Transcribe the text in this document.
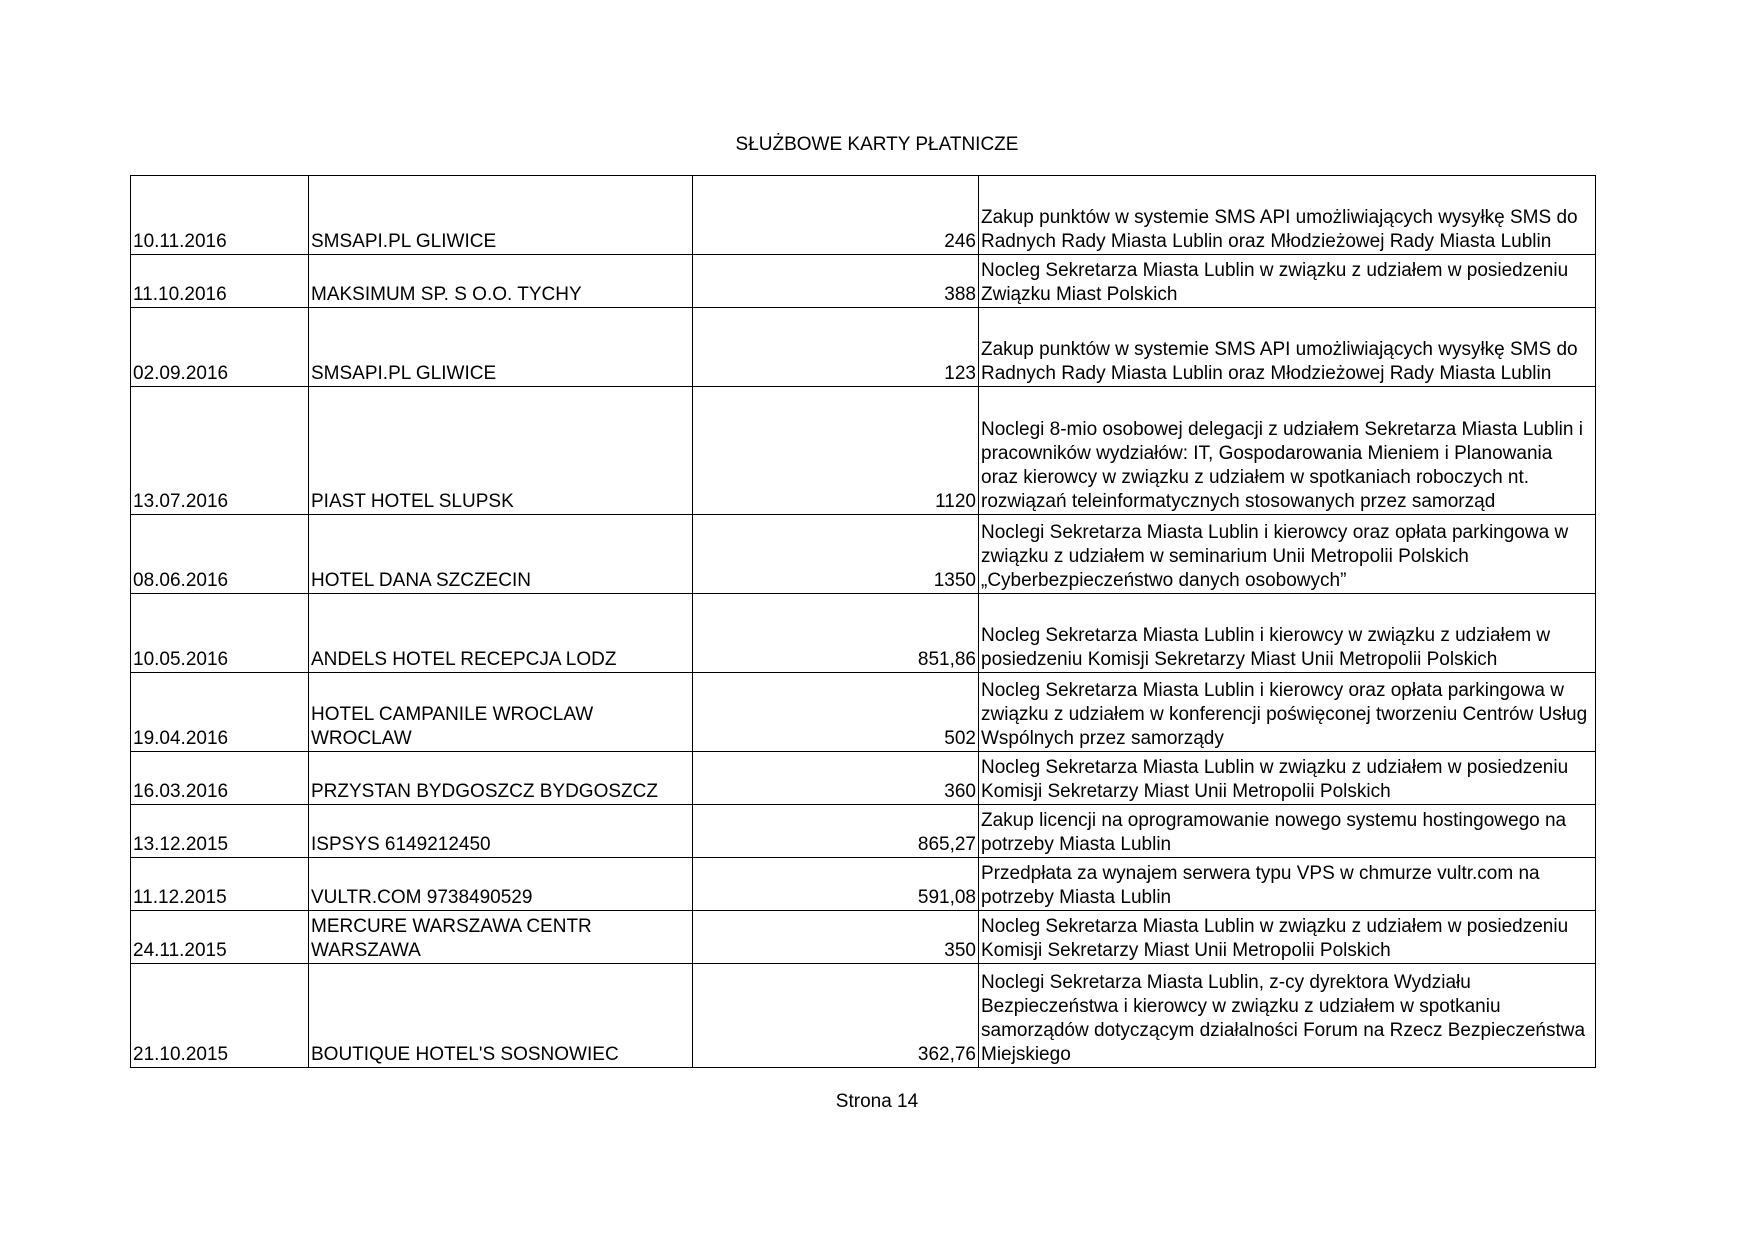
SŁUŻBOWE KARTY PŁATNICZE
10.11.2016	SMSAPI.PL GLIWICE	246	Zakup punktów w systemie SMS API umożliwiających wysyłkę SMS do Radnych Rady Miasta Lublin oraz Młodzieżowej Rady Miasta Lublin
11.10.2016	MAKSIMUM SP. S O.O. TYCHY	388	Nocleg Sekretarza Miasta Lublin w związku z udziałem w posiedzeniu Związku Miast Polskich
02.09.2016	SMSAPI.PL GLIWICE	123	Zakup punktów w systemie SMS API umożliwiających wysyłkę SMS do Radnych Rady Miasta Lublin oraz Młodzieżowej Rady Miasta Lublin
13.07.2016	PIAST HOTEL SLUPSK	1120	Noclegi 8-mio osobowej delegacji z udziałem Sekretarza Miasta Lublin i pracowników wydziałów: IT, Gospodarowania Mieniem i Planowania oraz kierowcy w związku z udziałem w spotkaniach roboczych nt. rozwiązań teleinformatycznych stosowanych przez samorząd
08.06.2016	HOTEL DANA SZCZECIN	1350	Noclegi Sekretarza Miasta Lublin i kierowcy oraz opłata parkingowa w związku z udziałem w seminarium Unii Metropolii Polskich „Cyberbezpieczeństwo danych osobowych”
10.05.2016	ANDELS HOTEL RECEPCJA LODZ	851,86	Nocleg Sekretarza Miasta Lublin i kierowcy w związku z udziałem w posiedzeniu Komisji Sekretarzy Miast Unii Metropolii Polskich
19.04.2016	HOTEL CAMPANILE WROCLAW WROCLAW	502	Nocleg Sekretarza Miasta Lublin i kierowcy oraz opłata parkingowa w związku z udziałem w konferencji poświęconej tworzeniu Centrów Usług Wspólnych przez samorządy
16.03.2016	PRZYSTAN BYDGOSZCZ BYDGOSZCZ	360	Nocleg Sekretarza Miasta Lublin w związku z udziałem w posiedzeniu Komisji Sekretarzy Miast Unii Metropolii Polskich
13.12.2015	ISPSYS 6149212450	865,27	Zakup licencji na oprogramowanie nowego systemu hostingowego na potrzeby Miasta Lublin
11.12.2015	VULTR.COM 9738490529	591,08	Przedpłata za wynajem serwera typu VPS w chmurze vultr.com na potrzeby Miasta Lublin
24.11.2015	MERCURE WARSZAWA CENTR WARSZAWA	350	Nocleg Sekretarza Miasta Lublin w związku z udziałem w posiedzeniu Komisji Sekretarzy Miast Unii Metropolii Polskich
21.10.2015	BOUTIQUE HOTEL'S SOSNOWIEC	362,76	Noclegi Sekretarza Miasta Lublin, z-cy dyrektora Wydziału Bezpieczeństwa i kierowcy w związku z udziałem w spotkaniu samorządów dotyczącym działalności Forum na Rzecz Bezpieczeństwa Miejskiego
Strona 14
